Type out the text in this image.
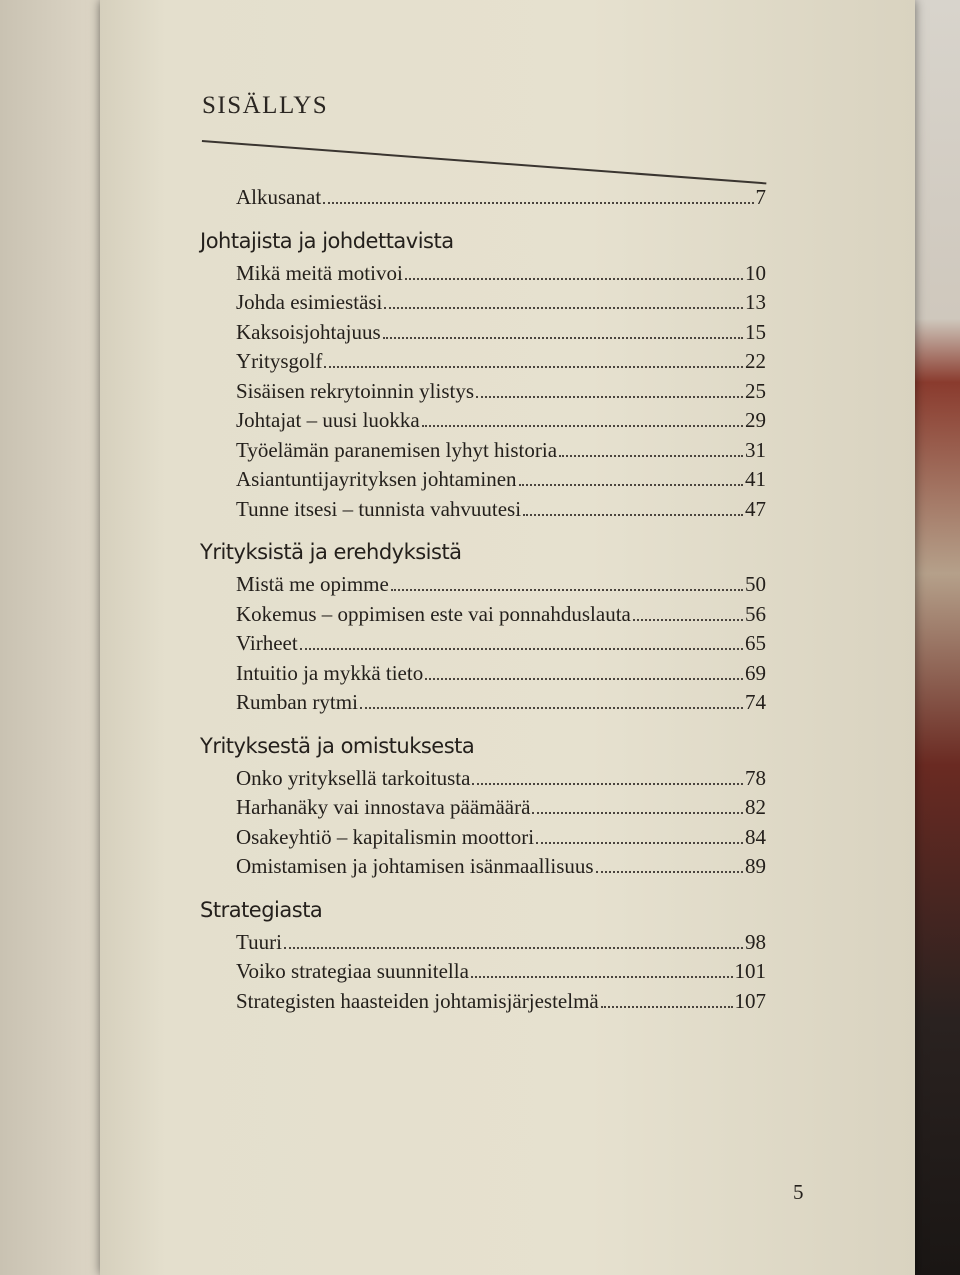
SISÄLLYS
Alkusanat	7
Johtajista ja johdettavista
Mikä meitä motivoi	10
Johda esimiestäsi	13
Kaksoisjohtajuus	15
Yritysgolf	22
Sisäisen rekrytoinnin ylistys	25
Johtajat – uusi luokka	29
Työelämän paranemisen lyhyt historia	31
Asiantuntijayrityksen johtaminen	41
Tunne itsesi – tunnista vahvuutesi	47
Yrityksistä ja erehdyksistä
Mistä me opimme	50
Kokemus – oppimisen este vai ponnahduslauta	56
Virheet	65
Intuitio ja mykkä tieto	69
Rumban rytmi	74
Yrityksestä ja omistuksesta
Onko yrityksellä tarkoitusta	78
Harhanäky vai innostava päämäärä	82
Osakeyhtiö – kapitalismin moottori	84
Omistamisen ja johtamisen isänmaallisuus	89
Strategiasta
Tuuri	98
Voiko strategiaa suunnitella	101
Strategisten haasteiden johtamisjärjestelmä	107
5
